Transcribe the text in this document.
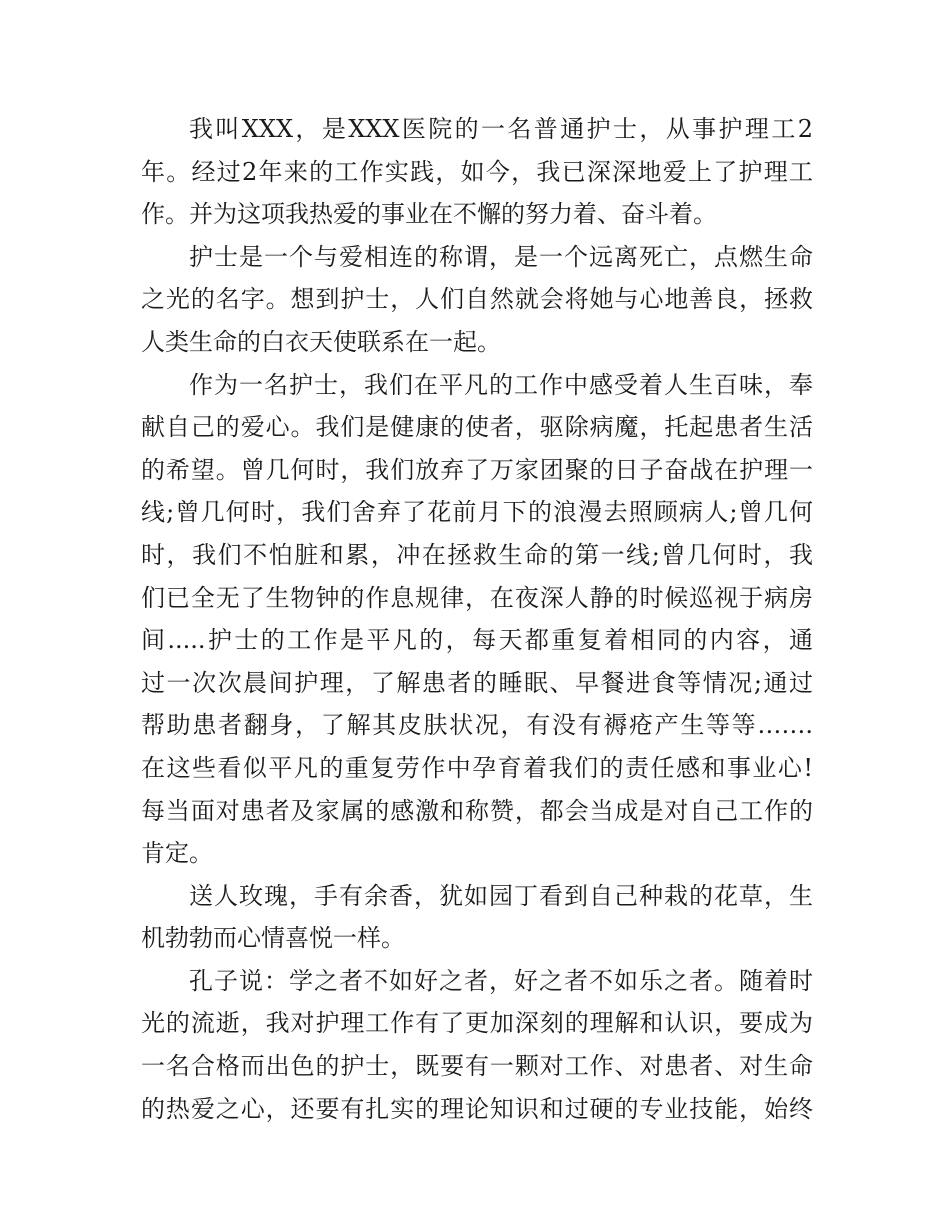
我叫XXX，是XXX医院的一名普通护士，从事护理工2
年。经过2年来的工作实践，如今，我已深深地爱上了护理工
作。并为这项我热爱的事业在不懈的努力着、奋斗着。
护士是一个与爱相连的称谓，是一个远离死亡，点燃生命
之光的名字。想到护士，人们自然就会将她与心地善良，拯救
人类生命的白衣天使联系在一起。
作为一名护士，我们在平凡的工作中感受着人生百味，奉
献自己的爱心。我们是健康的使者，驱除病魔，托起患者生活
的希望。曾几何时，我们放弃了万家团聚的日子奋战在护理一
线;曾几何时，我们舍弃了花前月下的浪漫去照顾病人;曾几何
时，我们不怕脏和累，冲在拯救生命的第一线;曾几何时，我
们已全无了生物钟的作息规律，在夜深人静的时候巡视于病房
间.....护士的工作是平凡的，每天都重复着相同的内容，通
过一次次晨间护理，了解患者的睡眠、早餐进食等情况;通过
帮助患者翻身，了解其皮肤状况，有没有褥疮产生等等…….
在这些看似平凡的重复劳作中孕育着我们的责任感和事业心!
每当面对患者及家属的感激和称赞，都会当成是对自己工作的
肯定。
送人玫瑰，手有余香，犹如园丁看到自己种栽的花草，生
机勃勃而心情喜悦一样。
孔子说：学之者不如好之者，好之者不如乐之者。随着时
光的流逝，我对护理工作有了更加深刻的理解和认识，要成为
一名合格而出色的护士，既要有一颗对工作、对患者、对生命
的热爱之心，还要有扎实的理论知识和过硬的专业技能，始终
